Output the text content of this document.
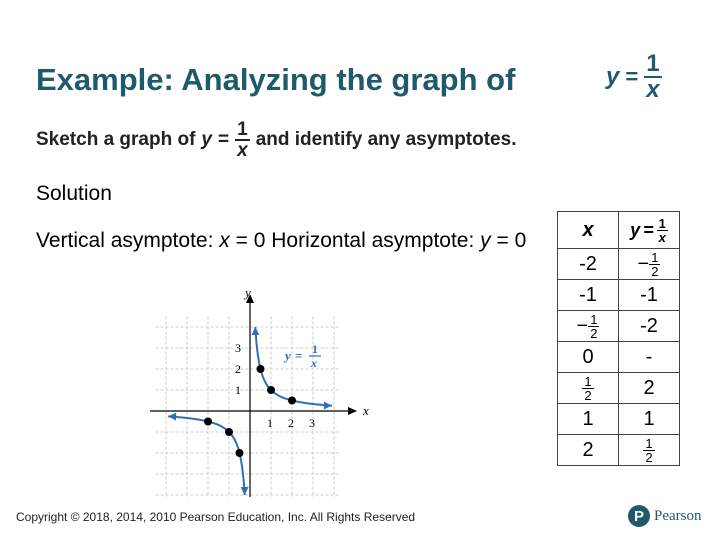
Example: Analyzing the graph of	$y = \frac{1}{x}$
Sketch a graph of $y = \frac{1}{x}$ and identify any asymptotes.
Solution
Vertical asymptote: x = 0 Horizontal asymptote: y = 0
x
y
1 2 3
1
2
3	y = 1
x
x	$y = \frac{1}{x}$

-2	− $\frac{1}{2}$

-1	-1
− $\frac{1}{2}$	-2
0	-

$\frac{1}{2}$	2
1	1
2	$\frac{1}{2}$
Copyright © 2018, 2014, 2010 Pearson Education, Inc. All Rights Reserved	P Pearson
